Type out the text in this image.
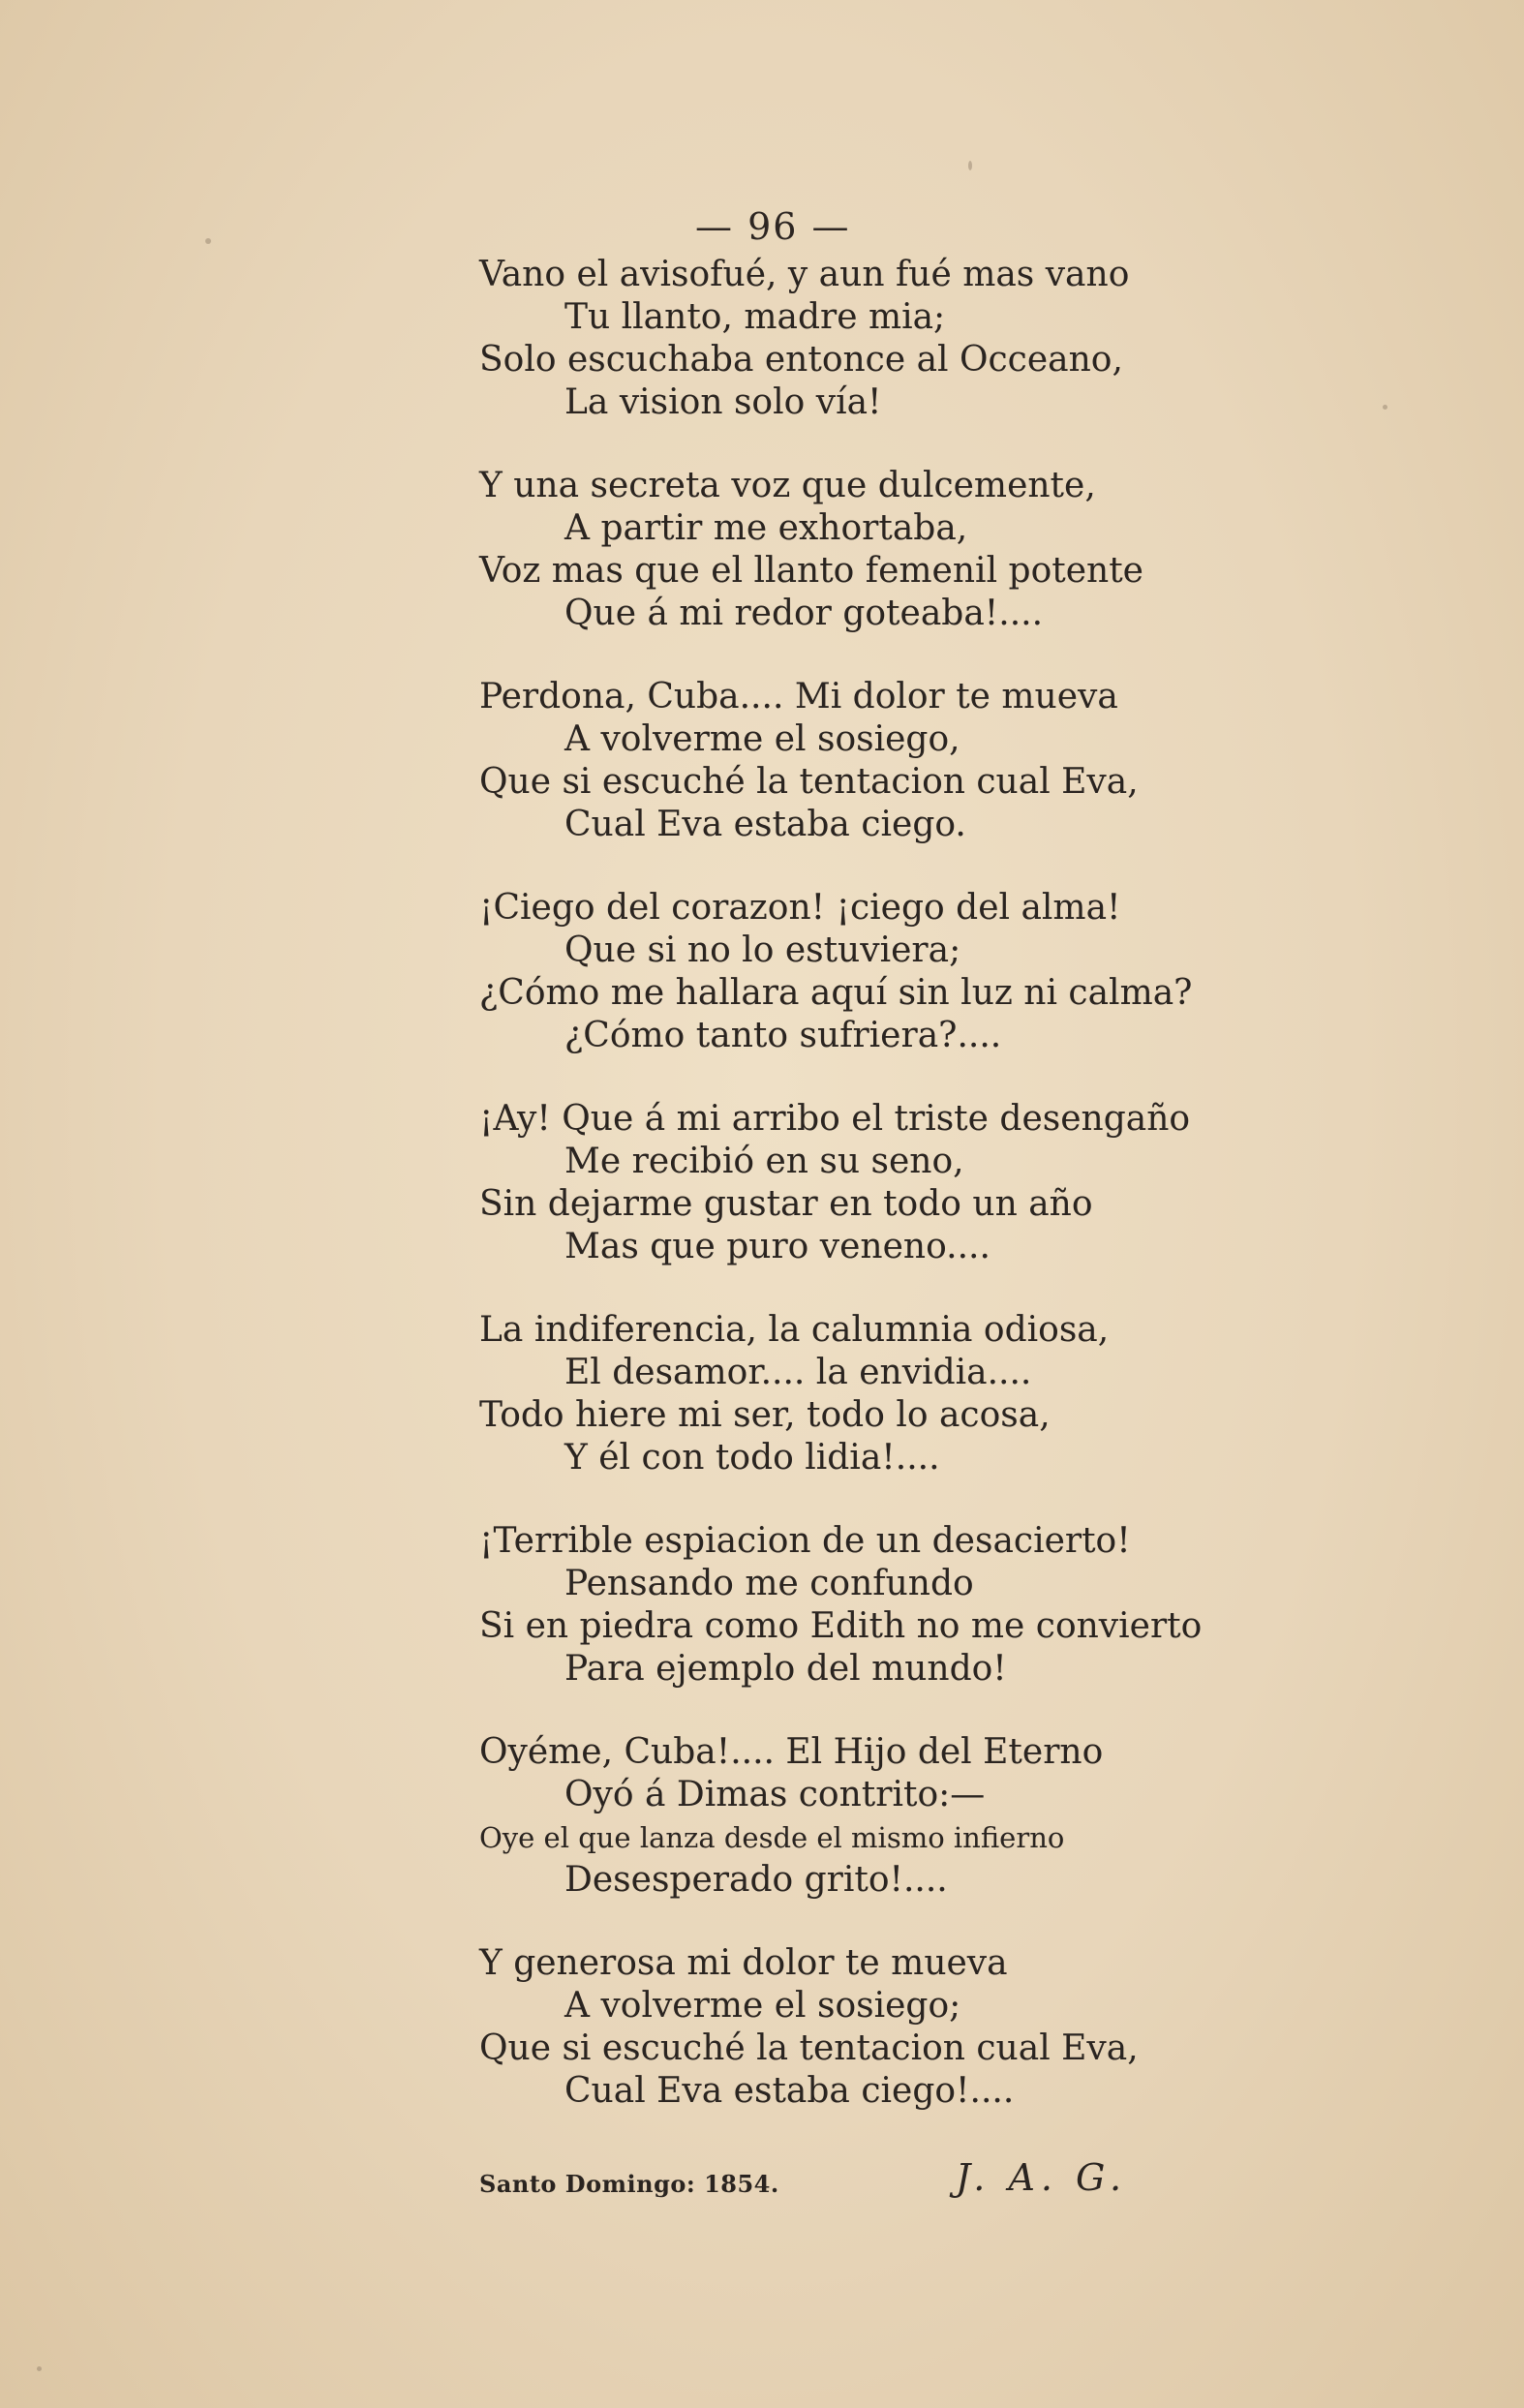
— 96 —
Vano el avisofué, y aun fué mas vano
Tu llanto, madre mia;
Solo escuchaba entonce al Occeano,
La vision solo vía!
Y una secreta voz que dulcemente,
A partir me exhortaba,
Voz mas que el llanto femenil potente
Que á mi redor goteaba!....
Perdona, Cuba.... Mi dolor te mueva
A volverme el sosiego,
Que si escuché la tentacion cual Eva,
Cual Eva estaba ciego.
¡Ciego del corazon! ¡ciego del alma!
Que si no lo estuviera;
¿Cómo me hallara aquí sin luz ni calma?
¿Cómo tanto sufriera?....
¡Ay! Que á mi arribo el triste desengaño
Me recibió en su seno,
Sin dejarme gustar en todo un año
Mas que puro veneno....
La indiferencia, la calumnia odiosa,
El desamor.... la envidia....
Todo hiere mi ser, todo lo acosa,
Y él con todo lidia!....
¡Terrible espiacion de un desacierto!
Pensando me confundo
Si en piedra como Edith no me convierto
Para ejemplo del mundo!
Oyéme, Cuba!.... El Hijo del Eterno
Oyó á Dimas contrito:—
Oye el que lanza desde el mismo infierno
Desesperado grito!....
Y generosa mi dolor te mueva
A volverme el sosiego;
Que si escuché la tentacion cual Eva,
Cual Eva estaba ciego!....
Santo Domingo: 1854.	J. A. G.
